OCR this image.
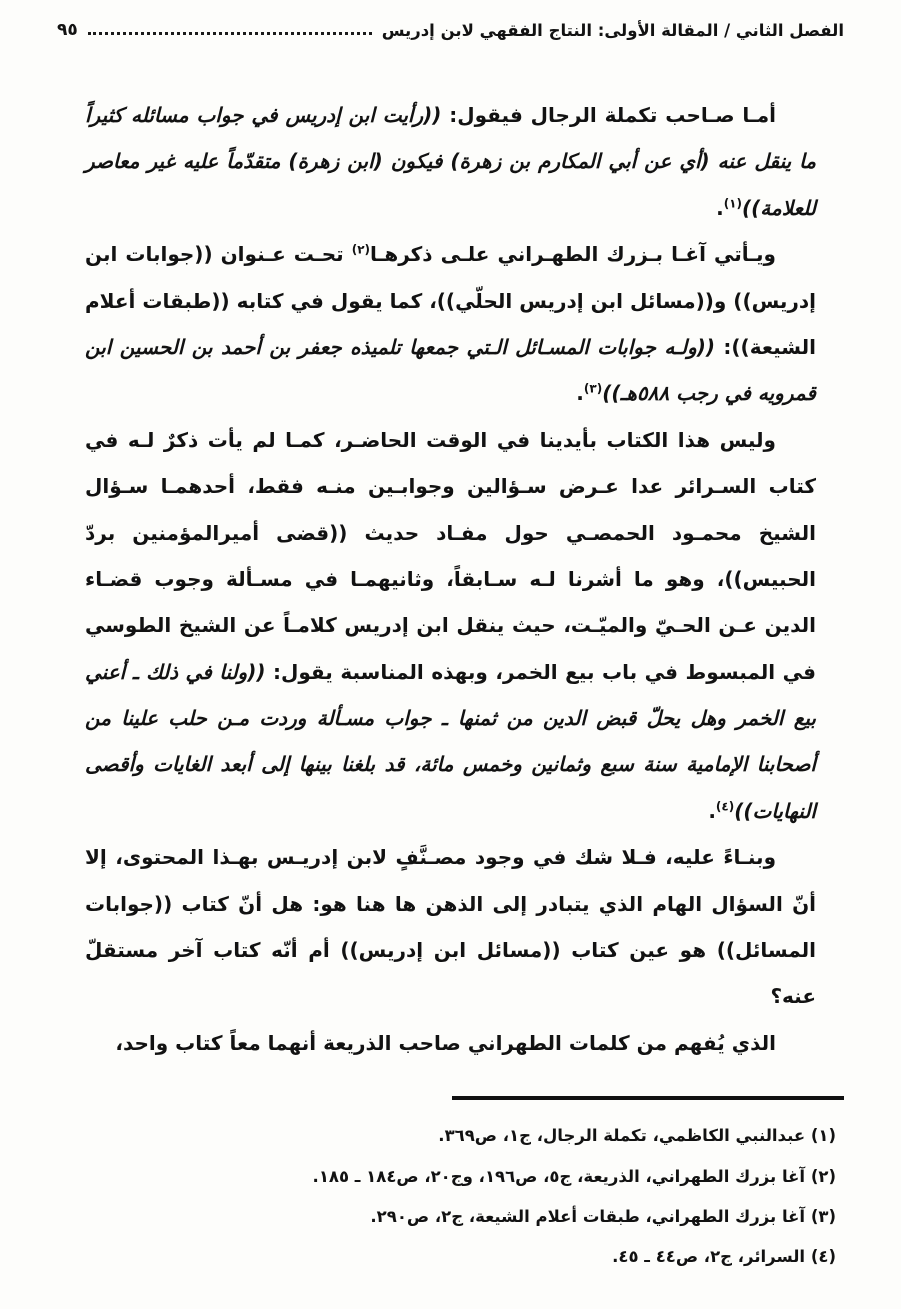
الفصل الثاني / المقالة الأولى: النتاج الفقهي لابن إدريس
٩٥

أمـا صـاحب تكملة الرجال فيقول: ((رأيت ابن إدريس في جواب مسائله كثيراً ما ينقل عنه (أي عن أبي المكارم بن زهرة) فيكون (ابن زهرة) متقدّماً عليه غير معاصر للعلامة))$^{(١)}$.

ويـأتي آغـا بـزرك الطهـراني علـى ذكرهـا$^{(٢)}$ تحـت عـنوان ((جوابات ابن إدريس)) و((مسائل ابن إدريس الحلّي))، كما يقول في كتابه ((طبقات أعلام الشيعة)): ((ولـه جوابات المسـائل الـتي جمعها تلميذه جعفر بن أحمد بن الحسين ابن قمرويه في رجب ٥٨٨هـ))$^{(٣)}$.

وليس هذا الكتاب بأيدينا في الوقت الحاضـر، كمـا لم يأت ذكرٌ لـه في كتاب السـرائر عدا عـرض سـؤالين وجوابـين منـه فقط، أحدهمـا سـؤال الشيخ محمـود الحمصـي حول مفـاد حديث ((قضى أميرالمؤمنين بردّ الحبيس))، وهو ما أشرنا لـه سـابقاً، وثانيهمـا في مسـألة وجوب قضـاء الدين عـن الحـيّ والميّـت، حيث ينقل ابن إدريس كلامـاً عن الشيخ الطوسي في المبسوط في باب بيع الخمر، وبهذه المناسبة يقول: ((ولنا في ذلك ـ أعني بيع الخمر وهل يحلّ قبض الدين من ثمنها ـ جواب مسـألة وردت مـن حلب علينا من أصحابنا الإمامية سنة سبع وثمانين وخمس مائة، قد بلغنا بينها إلى أبعد الغايات وأقصى النهايات))$^{(٤)}$.

وبنـاءً عليه، فـلا شك في وجود مصـنَّفٍ لابن إدريـس بهـذا المحتوى، إلا أنّ السؤال الهام الذي يتبادر إلى الذهن ها هنا هو: هل أنّ كتاب ((جوابات المسائل)) هو عين كتاب ((مسائل ابن إدريس)) أم أنّه كتاب آخر مستقلّ عنه؟

الذي يُفهم من كلمات الطهراني صاحب الذريعة أنهما معاً كتاب واحد،

(١) عبدالنبي الكاظمي، تكملة الرجال، ج١، ص٣٦٩.

(٢) آغا بزرك الطهراني، الذريعة، ج٥، ص١٩٦، وج٢٠، ص١٨٤ ـ ١٨٥.

(٣) آغا بزرك الطهراني، طبقات أعلام الشيعة، ج٢، ص٢٩٠.

(٤) السرائر، ج٢، ص٤٤ ـ ٤٥.
